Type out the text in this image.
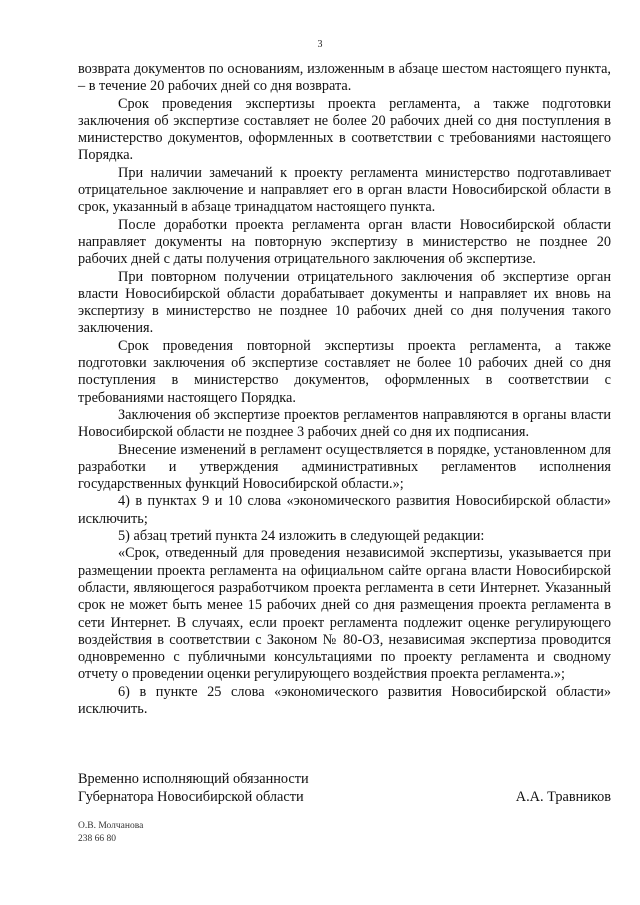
3

возврата документов по основаниям, изложенным в абзаце шестом настоящего пункта, – в течение 20 рабочих дней со дня возврата.

Срок проведения экспертизы проекта регламента, а также подготовки заключения об экспертизе составляет не более 20 рабочих дней со дня поступления в министерство документов, оформленных в соответствии с требованиями настоящего Порядка.

При наличии замечаний к проекту регламента министерство подготавливает отрицательное заключение и направляет его в орган власти Новосибирской области в срок, указанный в абзаце тринадцатом настоящего пункта.

После доработки проекта регламента орган власти Новосибирской области направляет документы на повторную экспертизу в министерство не позднее 20 рабочих дней с даты получения отрицательного заключения об экспертизе.

При повторном получении отрицательного заключения об экспертизе орган власти Новосибирской области дорабатывает документы и направляет их вновь на экспертизу в министерство не позднее 10 рабочих дней со дня получения такого заключения.

Срок проведения повторной экспертизы проекта регламента, а также подготовки заключения об экспертизе составляет не более 10 рабочих дней со дня поступления в министерство документов, оформленных в соответствии с требованиями настоящего Порядка.

Заключения об экспертизе проектов регламентов направляются в органы власти Новосибирской области не позднее 3 рабочих дней со дня их подписания.

Внесение изменений в регламент осуществляется в порядке, установленном для разработки и утверждения административных регламентов исполнения государственных функций Новосибирской области.»;

4) в пунктах 9 и 10 слова «экономического развития Новосибирской области» исключить;

5) абзац третий пункта 24 изложить в следующей редакции:

«Срок, отведенный для проведения независимой экспертизы, указывается при размещении проекта регламента на официальном сайте органа власти Новосибирской области, являющегося разработчиком проекта регламента в сети Интернет. Указанный срок не может быть менее 15 рабочих дней со дня размещения проекта регламента в сети Интернет. В случаях, если проект регламента подлежит оценке регулирующего воздействия в соответствии с Законом № 80-ОЗ, независимая экспертиза проводится одновременно с публичными консультациями по проекту регламента и сводному отчету о проведении оценки регулирующего воздействия проекта регламента.»;

6) в пункте 25 слова «экономического развития Новосибирской области» исключить.

Временно исполняющий обязанности
Губернатора Новосибирской области	А.А. Травников
О.В. Молчанова
238 66 80
